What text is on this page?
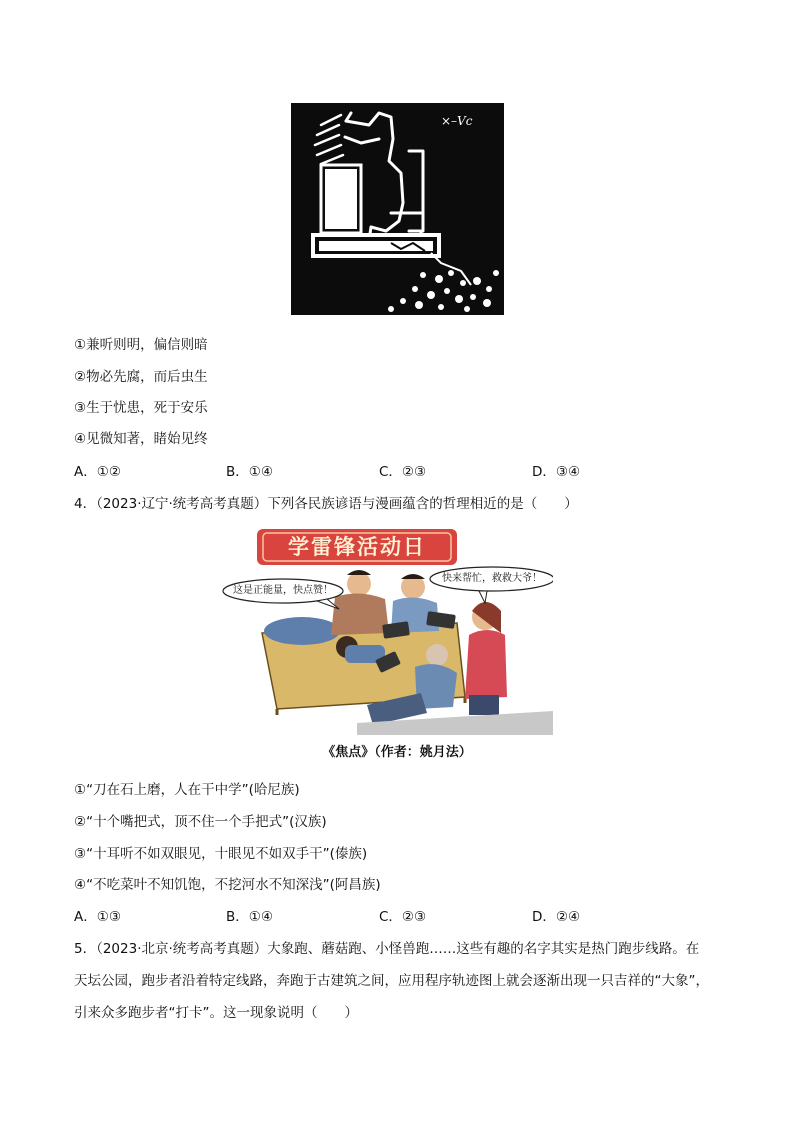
×–Vc
①兼听则明，偏信则暗
②物必先腐，而后虫生
③生于忧患，死于安乐
④见微知著，睹始见终
A．①②	B．①④	C．②③	D．③④
4．（2023·辽宁·统考高考真题）下列各民族谚语与漫画蕴含的哲理相近的是（　　）
学雷锋活动日
这是正能量，快点赞！
快来帮忙，救救大爷！
《焦点》（作者：姚月法）
①“刀在石上磨，人在干中学”(哈尼族)
②“十个嘴把式，顶不住一个手把式”(汉族)
③“十耳听不如双眼见，十眼见不如双手干”(傣族)
④“不吃菜叶不知饥饱，不挖河水不知深浅”(阿昌族)
A．①③	B．①④	C．②③	D．②④
5．（2023·北京·统考高考真题）大象跑、蘑菇跑、小怪兽跑……这些有趣的名字其实是热门跑步线路。在
天坛公园，跑步者沿着特定线路，奔跑于古建筑之间，应用程序轨迹图上就会逐渐出现一只吉祥的“大象”，
引来众多跑步者“打卡”。这一现象说明（　　）
